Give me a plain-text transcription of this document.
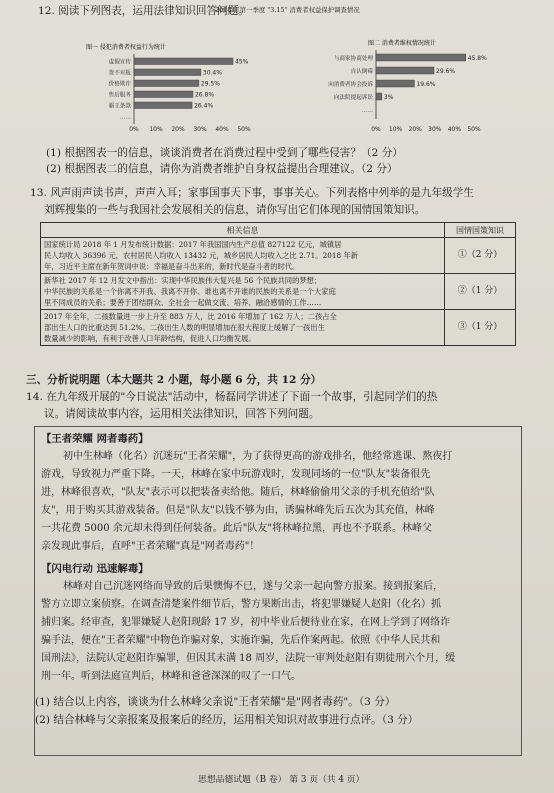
12. 阅读下列图表，运用法律知识回答问题。
2018 年第一季度 "3.15" 消费者权益保护调查情况
图一 侵犯消费者权益行为统计
虚假宣传	45%
货不对板	30.4%
价格欺诈	29.5%
售后服务	26.8%
霸王条款	26.4%
……
0% 10% 20% 30% 40% 50%
图二 消费者维权情况统计
与商家协商处理	45.8%
自认倒霉	29.6%
向消费者协会投诉	19.6%
向法院提起诉讼 3%
……
0% 10% 20% 30% 40% 50%
(1) 根据图表一的信息，谈谈消费者在消费过程中受到了哪些侵害？（2 分）
(2) 根据图表二的信息，请你为消费者维护自身权益提出合理建议。（2 分）
13. 风声雨声读书声，声声入耳；家事国事天下事，事事关心。下列表格中列举的是九年级学生
刘辉搜集的一些与我国社会发展相关的信息，请你写出它们体现的国情国策知识。
相关信息	国情国策知识

国家统计局 2018 年 1 月发布统计数据：2017 年我国国内生产总值 827122 亿元，城镇居
民人均收入 36396 元，农村居民人均收入 13432 元，城乡居民人均收入之比 2.71。2018 年新
年，习近平主席在新年贺词中说：幸福是奋斗出来的，新时代是奋斗者的时代。	①（2 分）

新华社 2017 年 12 月发文中指出：实现中华民族伟大复兴是 56 个民族共同的梦想；
中华民族的关系是一个你离不开我、我离不开你、谁也离不开谁的民族的关系是一个大家庭
里不同成员的关系；要善于团结群众、全社会一起做交流、培养、融洽感情的工作……	②（1 分）

2017 年全年，二孩数量进一步上升至 883 万人，比 2016 年增加了 162 万人；二孩占全
部出生人口的比重达到 51.2%。二孩出生人数的明显增加在很大程度上缓解了一孩出生
数量减少的影响，有利于改善人口年龄结构，促进人口均衡发展。	③（1 分）
三、分析说明题（本大题共 2 小题，每小题 6 分，共 12 分）
14. 在九年级开展的"今日说法"活动中，杨磊同学讲述了下面一个故事，引起同学们的热
议。请阅读故事内容，运用相关法律知识，回答下列问题。
【王者荣耀 网者毒药】
初中生林峰（化名）沉迷玩"王者荣耀"，为了获得更高的游戏排名，他经常逃课、熬夜打
游戏，导致视力严重下降。一天，林峰在家中玩游戏时，发现同场的一位"队友"装备很先
进，林峰很喜欢，"队友"表示可以把装备卖给他。随后，林峰偷偷用父亲的手机充值给"队
友"，用于购买其游戏装备。但是"队友"以钱不够为由，诱骗林峰先后五次为其充值，林峰
一共花费 5000 余元却未得到任何装备。此后"队友"将林峰拉黑，再也不予联系。林峰父
亲发现此事后，直呼"王者荣耀"真是"网者毒药"！
【闪电行动 迅速解毒】
林峰对自己沉迷网络而导致的后果懊悔不已，遂与父亲一起向警方报案。接到报案后，
警方立即立案侦察。在调查清楚案件细节后，警方果断出击，将犯罪嫌疑人赵阳（化名）抓
捕归案。经审查，犯罪嫌疑人赵阳现龄 17 岁，初中毕业后便待业在家，在网上学到了网络诈
骗手法，便在"王者荣耀"中物色诈骗对象，实施诈骗，先后作案两起。依照《中华人民共和
国刑法》，法院认定赵阳诈骗罪，但因其未满 18 周岁，法院一审判处赵阳有期徒刑六个月，缓
刑一年。听到法庭宣判后，林峰和爸爸深深的叹了一口气。
(1) 结合以上内容，谈谈为什么林峰父亲说"王者荣耀"是"网者毒药"。（3 分）
(2) 结合林峰与父亲报案及报案后的经历，运用相关知识对故事进行点评。（3 分）
思想品德试题（B 卷） 第 3 页（共 4 页）
